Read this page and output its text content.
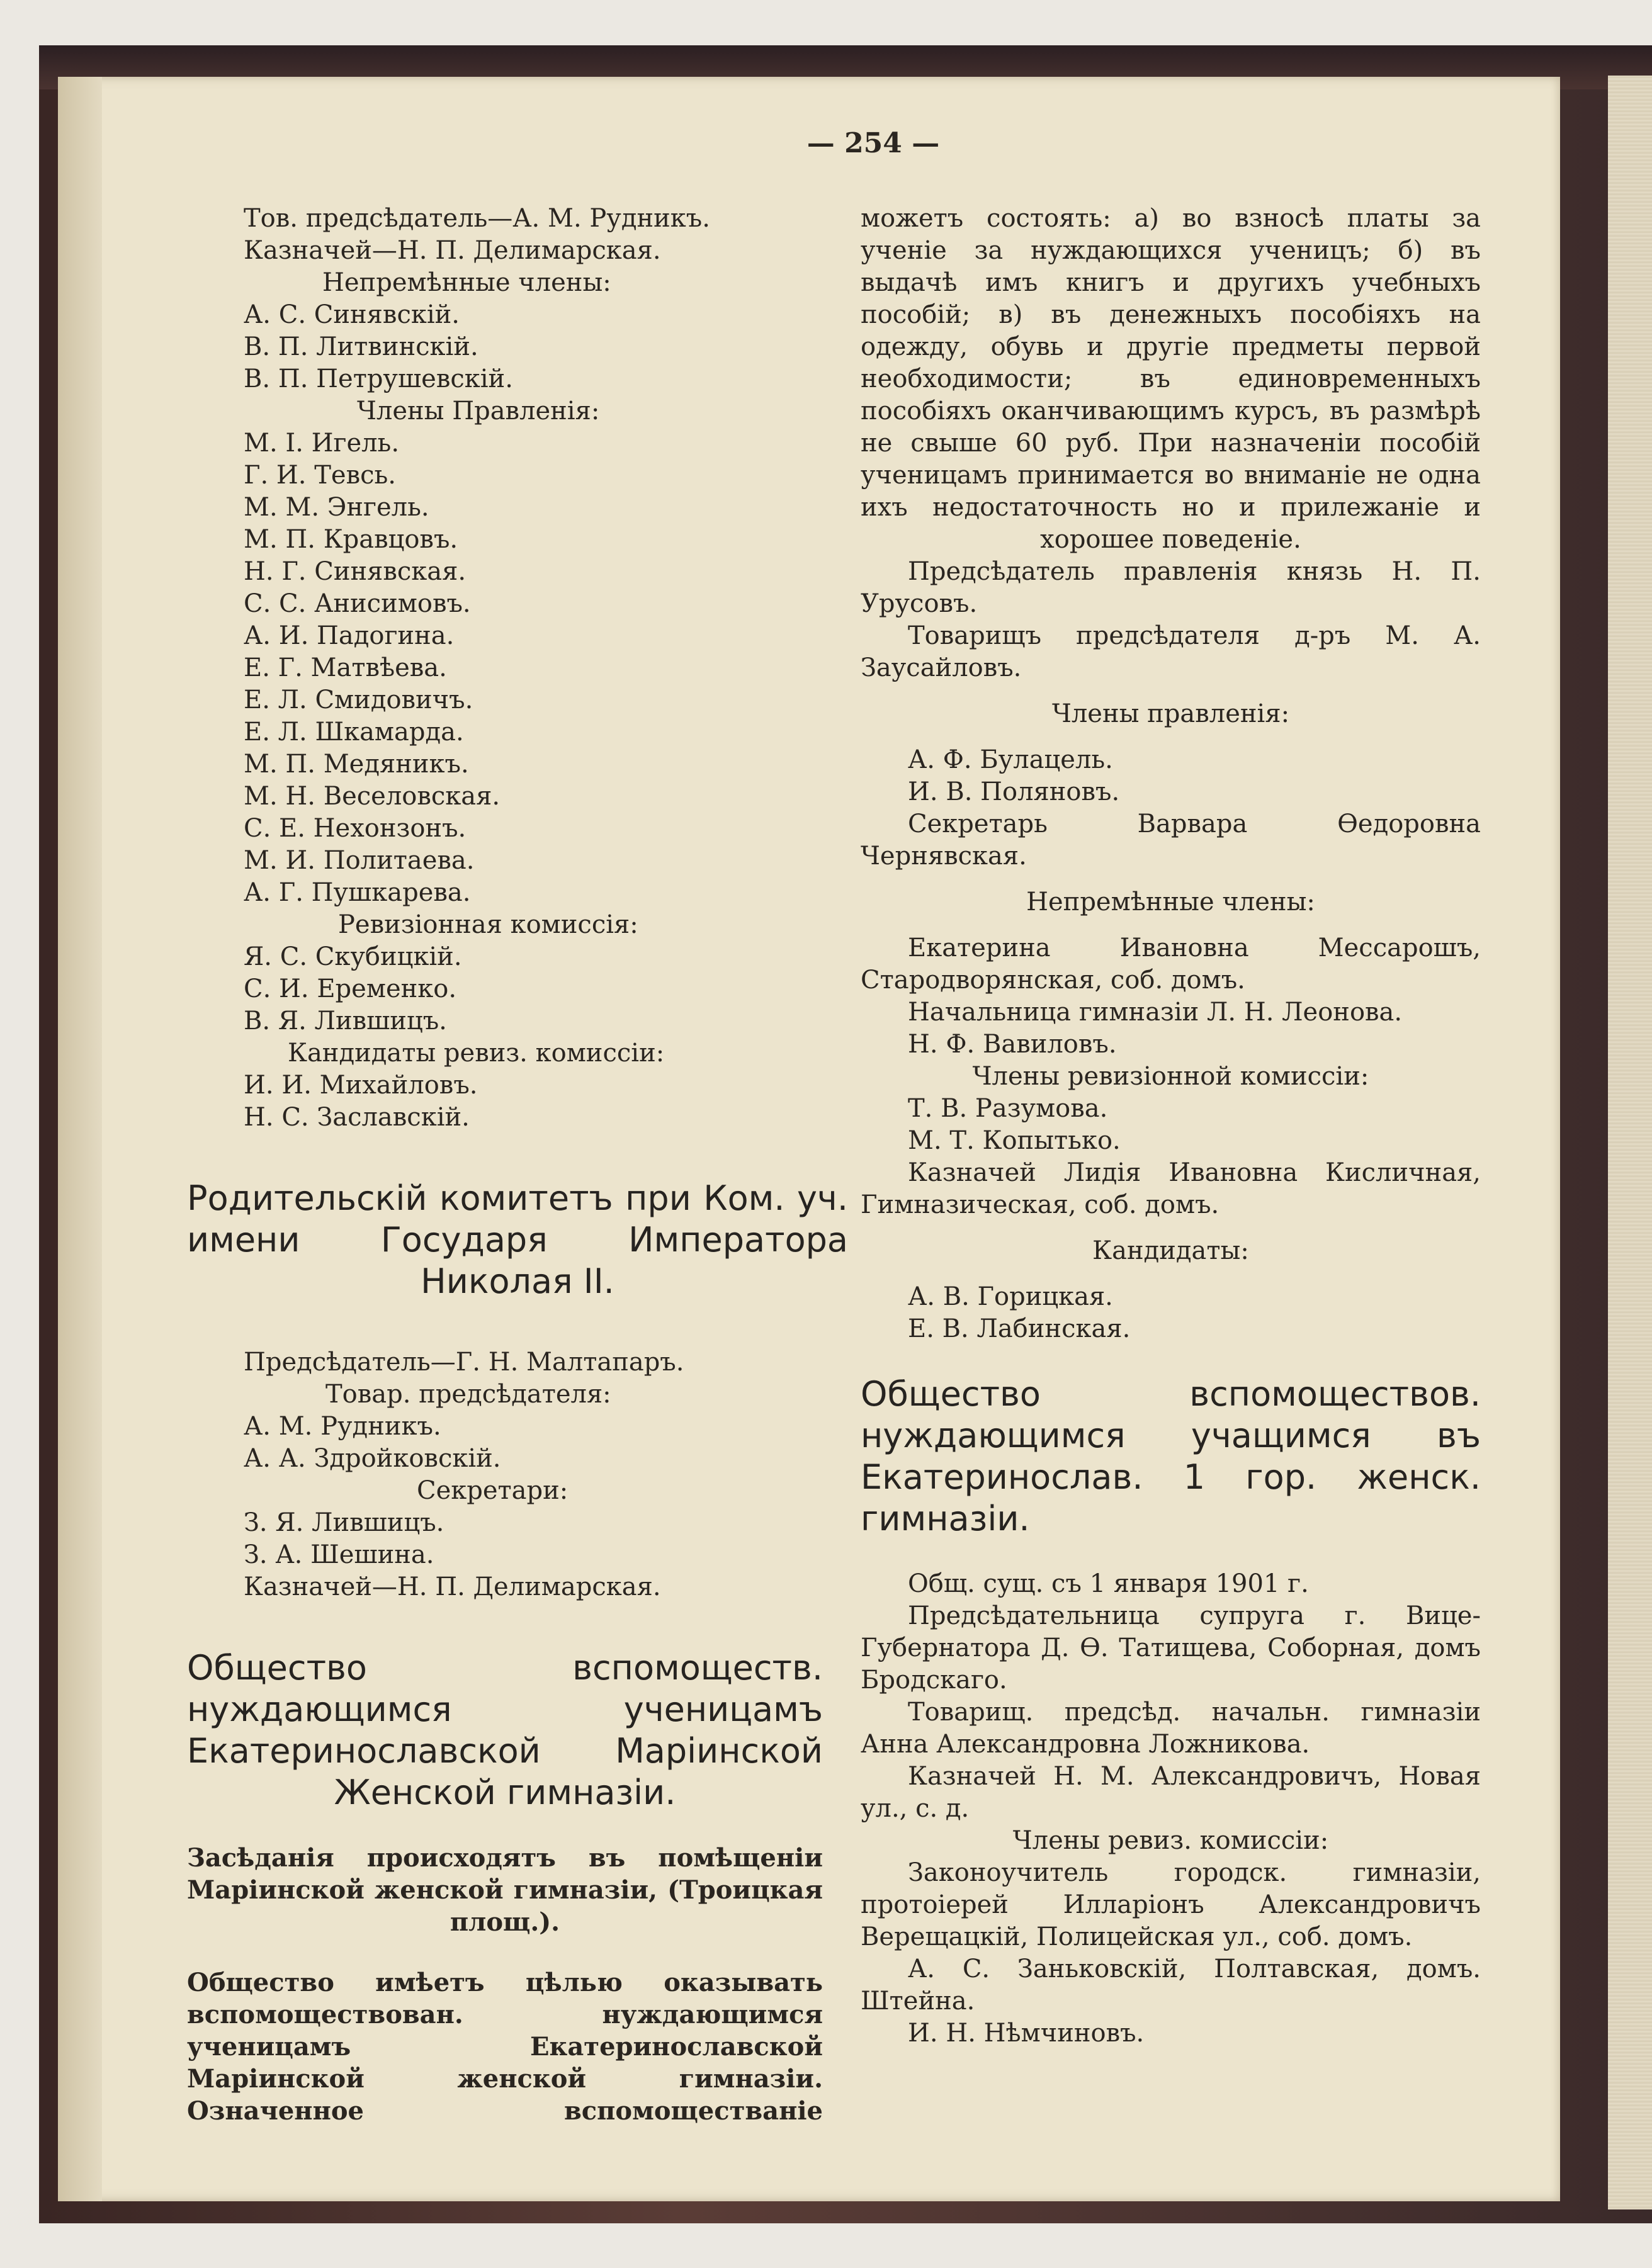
— 254 —
Тов. предсѣдатель—А. М. Рудникъ.
Казначей—Н. П. Делимарская.
Непремѣнные члены:
А. С. Синявскій.
В. П. Литвинскій.
В. П. Петрушевскій.
Члены Правленія:
М. І. Игель.
Г. И. Тевсь.
М. М. Энгель.
М. П. Кравцовъ.
Н. Г. Синявская.
С. С. Анисимовъ.
А. И. Падогина.
Е. Г. Матвѣева.
Е. Л. Смидовичъ.
Е. Л. Шкамарда.
М. П. Медяникъ.
М. Н. Веселовская.
С. Е. Нехонзонъ.
М. И. Политаева.
А. Г. Пушкарева.
Ревизіонная комиссія:
Я. С. Скубицкій.
С. И. Еременко.
В. Я. Лившицъ.
Кандидаты ревиз. комиссіи:
И. И. Михайловъ.
Н. С. Заславскій.
Родительскій комитетъ при Ком. уч. имени Государя Императора Николая II.
Предсѣдатель—Г. Н. Малтапаръ.
Товар. предсѣдателя:
А. М. Рудникъ.
А. А. Здройковскій.
Секретари:
З. Я. Лившицъ.
З. А. Шешина.
Казначей—Н. П. Делимарская.
Общество вспомоществ. нуждающимся ученицамъ Екатеринославской Маріинской Женской гимназіи.
Засѣданія происходятъ въ помѣщеніи Маріинской женской гимназіи, (Троицкая площ.).
Общество имѣетъ цѣлью оказывать вспомоществован. нуждающимся ученицамъ Екатеринославской Маріинской женской гимназіи. Означенное вспомоществаніе
можетъ состоять: а) во взносѣ платы за ученіе за нуждающихся ученицъ; б) въ выдачѣ имъ книгъ и другихъ учебныхъ пособій; в) въ денежныхъ пособіяхъ на одежду, обувь и другіе предметы первой необходимости; въ единовременныхъ пособіяхъ оканчивающимъ курсъ, въ размѣрѣ не свыше 60 руб. При назначеніи пособій ученицамъ принимается во вниманіе не одна ихъ недостаточность но и прилежаніе и хорошее поведеніе.
Предсѣдатель правленія князь Н. П. Урусовъ.
Товарищъ предсѣдателя д-ръ М. А. Заусайловъ.
Члены правленія:
А. Ф. Булацель.
И. В. Поляновъ.
Секретарь Варвара Өедоровна Чернявская.
Непремѣнные члены:
Екатерина Ивановна Мессарошъ, Стародворянская, соб. домъ.
Начальница гимназіи Л. Н. Леонова.
Н. Ф. Вавиловъ.
Члены ревизіонной комиссіи:
Т. В. Разумова.
М. Т. Копытько.
Казначей Лидія Ивановна Кисличная, Гимназическая, соб. домъ.
Кандидаты:
А. В. Горицкая.
Е. В. Лабинская.
Общество вспомоществов. нуждающимся учащимся въ Екатеринослав. 1 гор. женск. гимназіи.
Общ. сущ. съ 1 января 1901 г.
Предсѣдательница супруга г. Вице-Губернатора Д. Ө. Татищева, Соборная, домъ Бродскаго.
Товарищ. предсѣд. начальн. гимназіи Анна Александровна Ложникова.
Казначей Н. М. Александровичъ, Новая ул., с. д.
Члены ревиз. комиссіи:
Законоучитель городск. гимназіи, протоіерей Илларіонъ Александровичъ Верещацкій, Полицейская ул., соб. домъ.
А. С. Заньковскій, Полтавская, домъ. Штейна.
И. Н. Нѣмчиновъ.
